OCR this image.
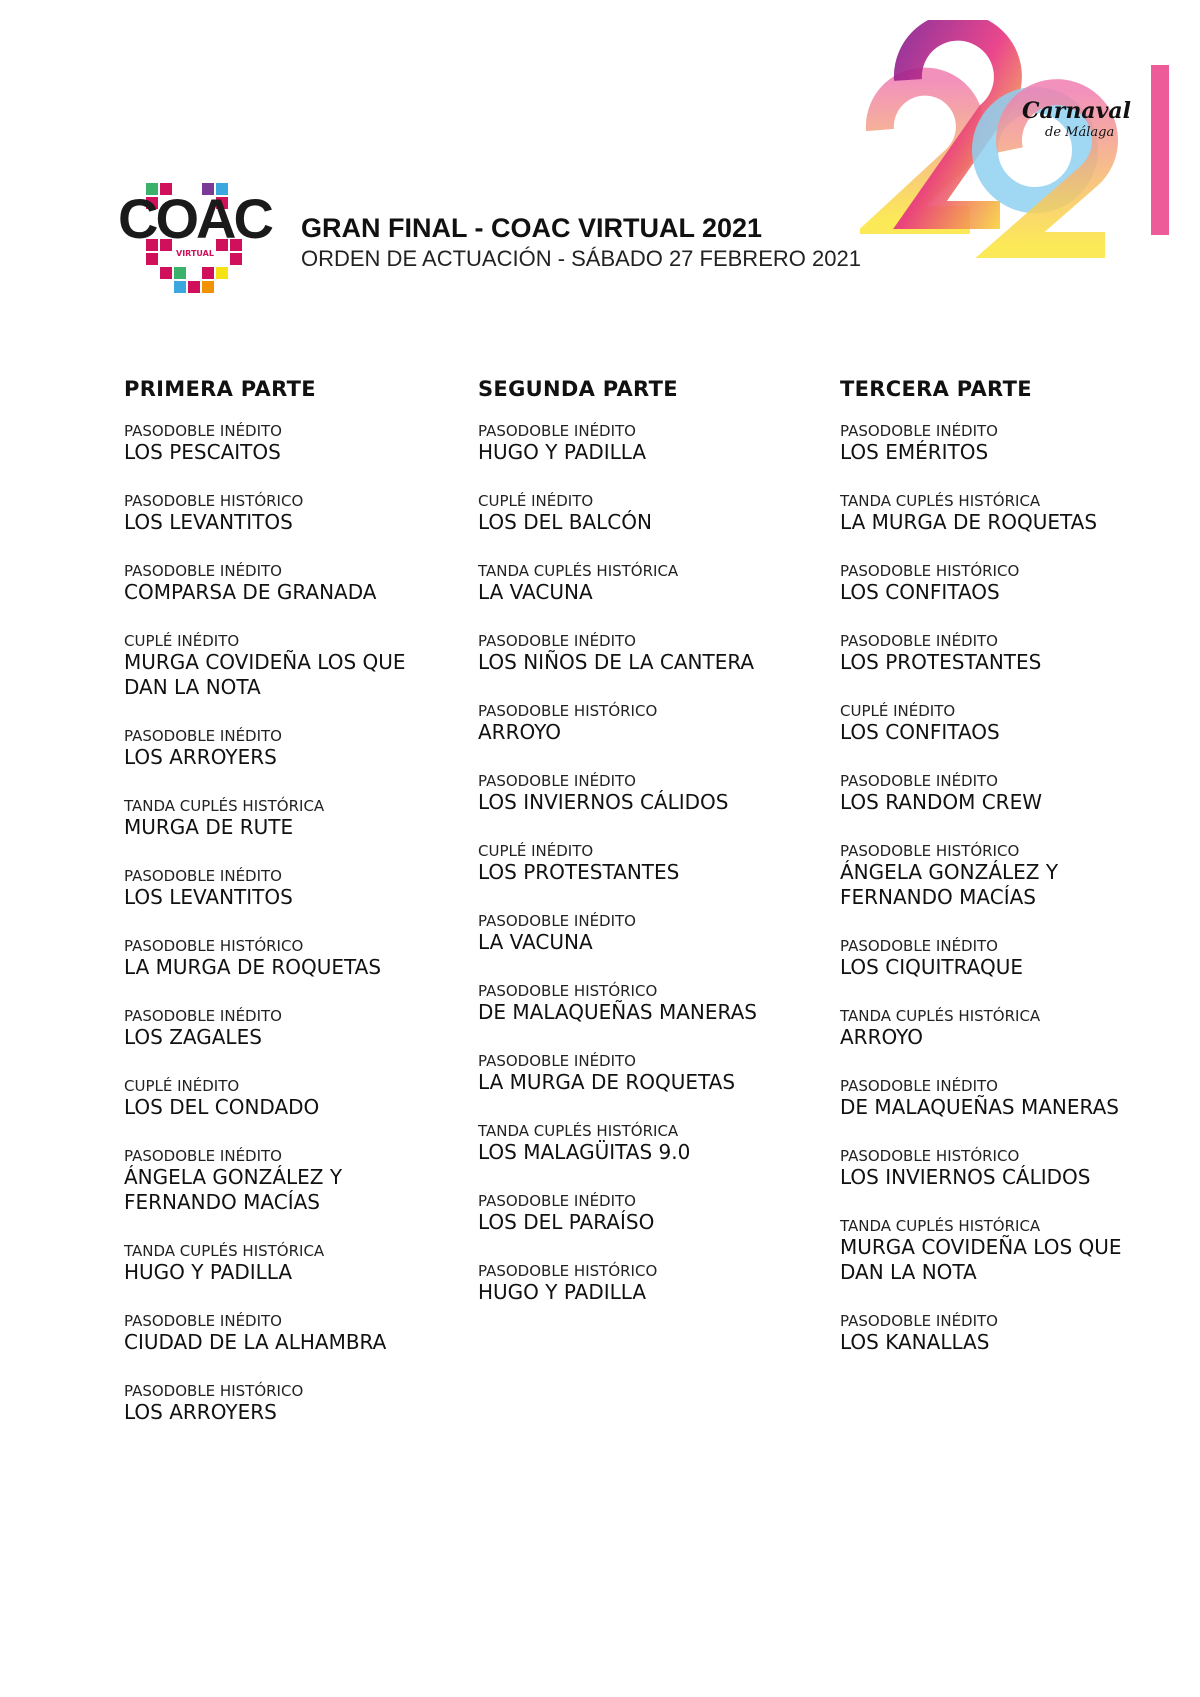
COAC
VIRTUAL
GRAN FINAL - COAC VIRTUAL 2021
ORDEN DE ACTUACIÓN - SÁBADO 27 FEBRERO 2021
Carnaval
de Málaga
PRIMERA PARTE
PASODOBLE INÉDITO
LOS PESCAITOS
PASODOBLE HISTÓRICO
LOS LEVANTITOS
PASODOBLE INÉDITO
COMPARSA DE GRANADA
CUPLÉ INÉDITO
MURGA COVIDEÑA LOS QUE DAN LA NOTA
PASODOBLE INÉDITO
LOS ARROYERS
TANDA CUPLÉS HISTÓRICA
MURGA DE RUTE
PASODOBLE INÉDITO
LOS LEVANTITOS
PASODOBLE HISTÓRICO
LA MURGA DE ROQUETAS
PASODOBLE INÉDITO
LOS ZAGALES
CUPLÉ INÉDITO
LOS DEL CONDADO
PASODOBLE INÉDITO
ÁNGELA GONZÁLEZ Y FERNANDO MACÍAS
TANDA CUPLÉS HISTÓRICA
HUGO Y PADILLA
PASODOBLE INÉDITO
CIUDAD DE LA ALHAMBRA
PASODOBLE HISTÓRICO
LOS ARROYERS
SEGUNDA PARTE
PASODOBLE INÉDITO
HUGO Y PADILLA
CUPLÉ INÉDITO
LOS DEL BALCÓN
TANDA CUPLÉS HISTÓRICA
LA VACUNA
PASODOBLE INÉDITO
LOS NIÑOS DE LA CANTERA
PASODOBLE HISTÓRICO
ARROYO
PASODOBLE INÉDITO
LOS INVIERNOS CÁLIDOS
CUPLÉ INÉDITO
LOS PROTESTANTES
PASODOBLE INÉDITO
LA VACUNA
PASODOBLE HISTÓRICO
DE MALAQUEÑAS MANERAS
PASODOBLE INÉDITO
LA MURGA DE ROQUETAS
TANDA CUPLÉS HISTÓRICA
LOS MALAGÜITAS 9.0
PASODOBLE INÉDITO
LOS DEL PARAÍSO
PASODOBLE HISTÓRICO
HUGO Y PADILLA
TERCERA PARTE
PASODOBLE INÉDITO
LOS EMÉRITOS
TANDA CUPLÉS HISTÓRICA
LA MURGA DE ROQUETAS
PASODOBLE HISTÓRICO
LOS CONFITAOS
PASODOBLE INÉDITO
LOS PROTESTANTES
CUPLÉ INÉDITO
LOS CONFITAOS
PASODOBLE INÉDITO
LOS RANDOM CREW
PASODOBLE HISTÓRICO
ÁNGELA GONZÁLEZ Y FERNANDO MACÍAS
PASODOBLE INÉDITO
LOS CIQUITRAQUE
TANDA CUPLÉS HISTÓRICA
ARROYO
PASODOBLE INÉDITO
DE MALAQUEÑAS MANERAS
PASODOBLE HISTÓRICO
LOS INVIERNOS CÁLIDOS
TANDA CUPLÉS HISTÓRICA
MURGA COVIDEÑA LOS QUE DAN LA NOTA
PASODOBLE INÉDITO
LOS KANALLAS
